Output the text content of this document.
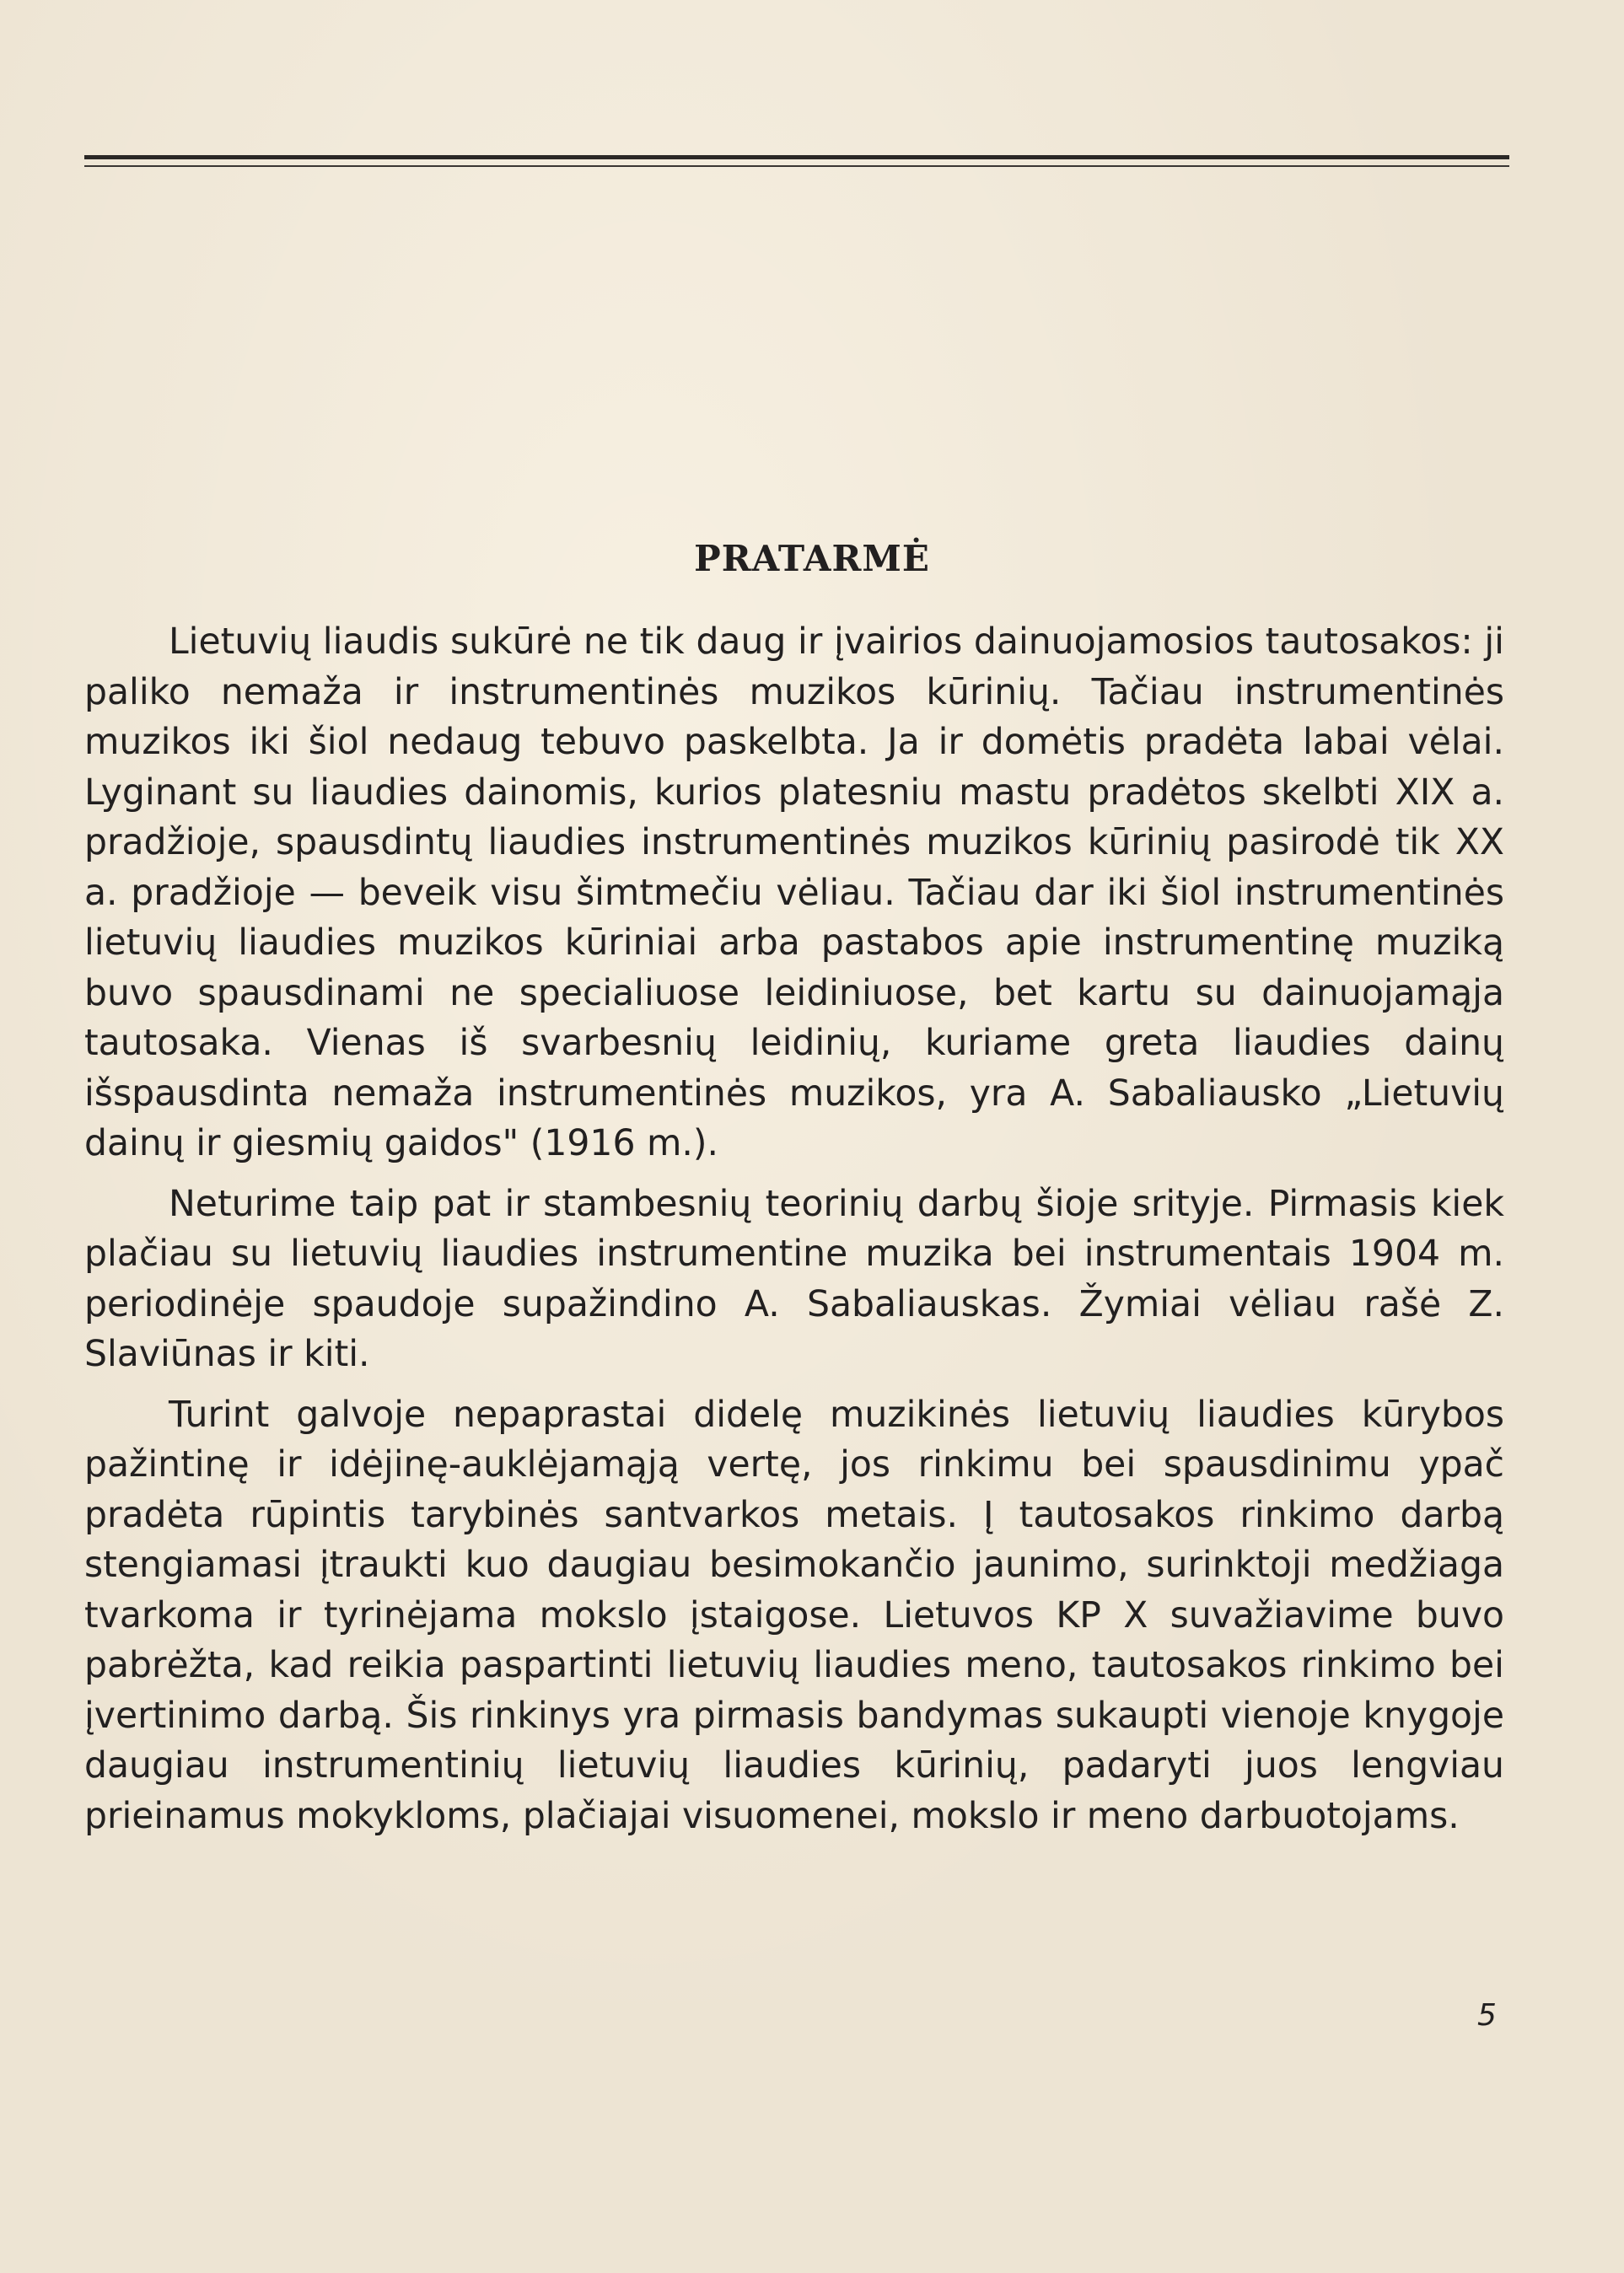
PRATARMĖ

Lietuvių liaudis sukūrė ne tik daug ir įvairios dainuojamosios tautosakos: ji paliko nemaža ir instrumentinės muzikos kūrinių. Tačiau instrumentinės muzikos iki šiol nedaug tebuvo paskelbta. Ja ir domėtis pradėta labai vėlai. Lyginant su liaudies dainomis, kurios platesniu mastu pradėtos skelbti XIX a. pradžioje, spausdintų liaudies instrumentinės muzikos kūrinių pasirodė tik XX a. pradžioje — beveik visu šimtmečiu vėliau. Tačiau dar iki šiol instrumentinės lietuvių liaudies muzikos kūriniai arba pastabos apie instrumentinę muziką buvo spausdinami ne specialiuose leidiniuose, bet kartu su dainuojamąja tautosaka. Vienas iš svarbesnių leidinių, kuriame greta liaudies dainų išspausdinta nemaža instrumentinės muzikos, yra A. Sabaliausko „Lietuvių dainų ir giesmių gaidos" (1916 m.).

Neturime taip pat ir stambesnių teorinių darbų šioje srityje. Pirmasis kiek plačiau su lietuvių liaudies instrumentine muzika bei instrumentais 1904 m. periodinėje spaudoje supažindino A. Sabaliauskas. Žymiai vėliau rašė Z. Slaviūnas ir kiti.

Turint galvoje nepaprastai didelę muzikinės lietuvių liaudies kūrybos pažintinę ir idėjinę-auklėjamąją vertę, jos rinkimu bei spausdinimu ypač pradėta rūpintis tarybinės santvarkos metais. Į tautosakos rinkimo darbą stengiamasi įtraukti kuo daugiau besimokančio jaunimo, surinktoji medžiaga tvarkoma ir tyrinėjama mokslo įstaigose. Lietuvos KP X suvažiavime buvo pabrėžta, kad reikia paspartinti lietuvių liaudies meno, tautosakos rinkimo bei įvertinimo darbą. Šis rinkinys yra pirmasis bandymas sukaupti vienoje knygoje daugiau instrumentinių lietuvių liaudies kūrinių, padaryti juos lengviau prieinamus mokykloms, plačiajai visuomenei, mokslo ir meno darbuotojams.

5
